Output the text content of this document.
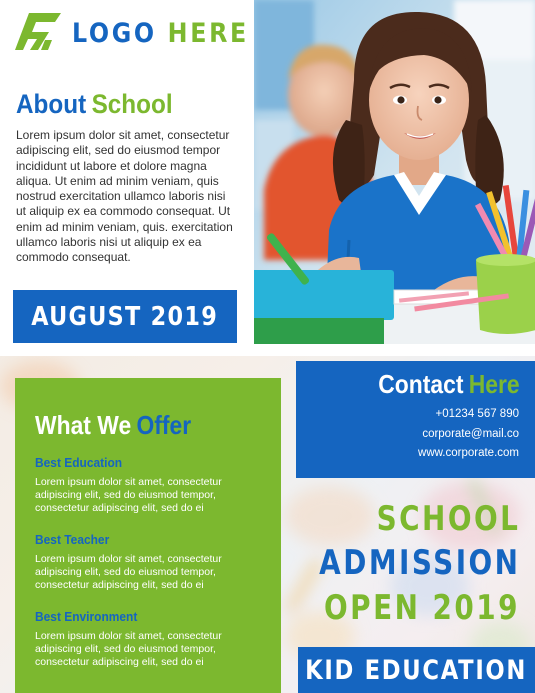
LOGO HERE
About School
Lorem ipsum dolor sit amet, consectetur adipiscing elit, sed do eiusmod tempor incididunt ut labore et dolore magna aliqua. Ut enim ad minim veniam, quis nostrud exercitation ullamco laboris nisi ut aliquip ex ea commodo consequat. Ut enim ad minim veniam, quis. exercitation ullamco laboris nisi ut aliquip ex ea commodo consequat.
AUGUST 2019
What We Offer
Best Education
Lorem ipsum dolor sit amet, consectetur adipiscing elit, sed do eiusmod tempor, consectetur adipiscing elit, sed do ei
Best Teacher
Lorem ipsum dolor sit amet, consectetur adipiscing elit, sed do eiusmod tempor, consectetur adipiscing elit, sed do ei
Best Environment
Lorem ipsum dolor sit amet, consectetur adipiscing elit, sed do eiusmod tempor, consectetur adipiscing elit, sed do ei
Contact Here
+01234 567 890
corporate@mail.co
www.corporate.com
SCHOOL
ADMISSION
OPEN 2019
KID EDUCATION
